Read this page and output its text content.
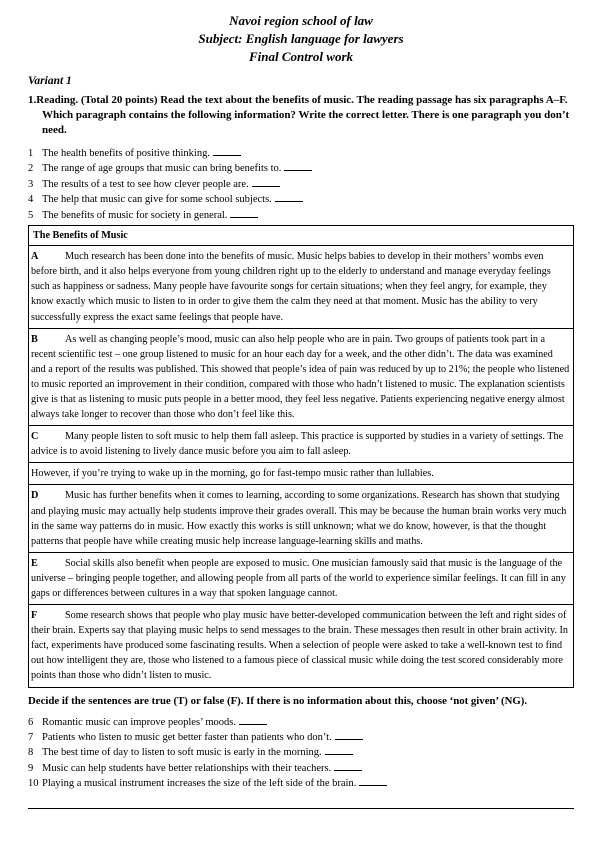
Navoi region school of law
Subject: English language for lawyers
Final Control work
Variant 1
1.Reading. (Total 20 points) Read the text about the benefits of music. The reading passage has six paragraphs A–F. Which paragraph contains the following information? Write the correct letter. There is one paragraph you don’t need.
1 The health benefits of positive thinking.
2 The range of age groups that music can bring benefits to.
3 The results of a test to see how clever people are.
4 The help that music can give for some school subjects.
5 The benefits of music for society in general.
The Benefits of Music
A	Much research has been done into the benefits of music. Music helps babies to develop in their mothers’ wombs even before birth, and it also helps everyone from young children right up to the elderly to understand and manage everyday feelings such as happiness or sadness. Many people have favourite songs for certain situations; when they feel angry, for example, they know exactly which music to listen to in order to give them the calm they need at that moment. Music has the ability to very successfully express the exact same feelings that people have.
B	As well as changing people’s mood, music can also help people who are in pain. Two groups of patients took part in a recent scientific test – one group listened to music for an hour each day for a week, and the other didn’t. The data was examined and a report of the results was published. This showed that people’s idea of pain was reduced by up to 21%; the people who listened to music reported an improvement in their condition, compared with those who hadn’t listened to music. The explanation scientists give is that as listening to music puts people in a better mood, they feel less negative. Patients experiencing negative energy almost always take longer to recover than those who don’t feel like this.
C	Many people listen to soft music to help them fall asleep. This practice is supported by studies in a variety of settings. The advice is to avoid listening to lively dance music before you aim to fall asleep.
However, if you’re trying to wake up in the morning, go for fast-tempo music rather than lullabies.
D	Music has further benefits when it comes to learning, according to some organizations. Research has shown that studying and playing music may actually help students improve their grades overall. This may be because the human brain works very much in the same way patterns do in music. How exactly this works is still unknown; what we do know, however, is that the thought patterns that people have while creating music help increase language-learning skills and maths.
E	Social skills also benefit when people are exposed to music. One musician famously said that music is the language of the universe – bringing people together, and allowing people from all parts of the world to experience similar feelings. It can fill in any gaps or differences between cultures in a way that spoken language cannot.
F	Some research shows that people who play music have better-developed communication between the left and right sides of their brain. Experts say that playing music helps to send messages to the brain. These messages then result in other brain activity. In fact, experiments have produced some fascinating results. When a selection of people were asked to take a well-known test to find out how intelligent they are, those who listened to a famous piece of classical music while doing the test scored considerably more points than those who didn’t listen to music.
Decide if the sentences are true (T) or false (F). If there is no information about this, choose ‘not given’ (NG).
6 Romantic music can improve peoples’ moods.
7 Patients who listen to music get better faster than patients who don’t.
8 The best time of day to listen to soft music is early in the morning.
9 Music can help students have better relationships with their teachers.
10 Playing a musical instrument increases the size of the left side of the brain.
